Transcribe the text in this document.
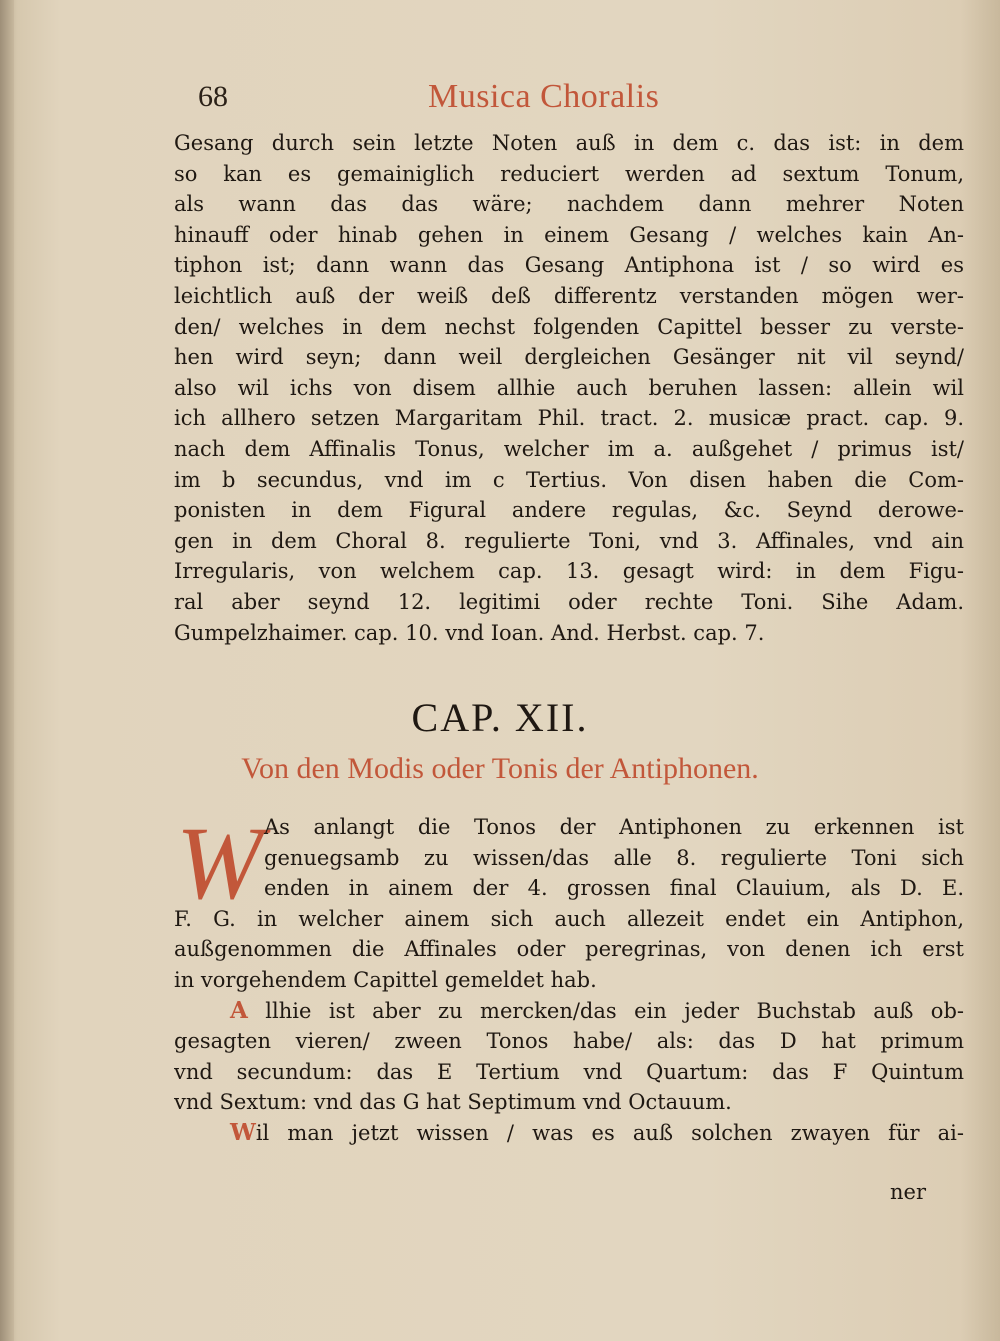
68	Musica Choralis
Gesang durch sein letzte Noten auß in dem c. das ist: in dem
so kan es gemainiglich reduciert werden ad sextum Tonum,
als wann das das wäre; nachdem dann mehrer Noten
hinauff oder hinab gehen in einem Gesang / welches kain An-
tiphon ist; dann wann das Gesang Antiphona ist / so wird es
leichtlich auß der weiß deß differentz verstanden mögen wer-
den/ welches in dem nechst folgenden Capittel besser zu verste-
hen wird seyn; dann weil dergleichen Gesänger nit vil seynd/
also wil ichs von disem allhie auch beruhen lassen: allein wil
ich allhero setzen Margaritam Phil. tract. 2. musicæ pract. cap. 9.
nach dem Affinalis Tonus, welcher im a. außgehet / primus ist/
im b secundus, vnd im c Tertius. Von disen haben die Com-
ponisten in dem Figural andere regulas, &c. Seynd derowe-
gen in dem Choral 8. regulierte Toni, vnd 3. Affinales, vnd ain
Irregularis, von welchem cap. 13. gesagt wird: in dem Figu-
ral aber seynd 12. legitimi oder rechte Toni. Sihe Adam.
Gumpelzhaimer. cap. 10. vnd Ioan. And. Herbst. cap. 7.
CAP. XII.
Von den Modis oder Tonis der Antiphonen.
W As anlangt die Tonos der Antiphonen zu erkennen ist
genuegsamb zu wissen/das alle 8. regulierte Toni sich
enden in ainem der 4. grossen final Clauium, als D. E.
F. G. in welcher ainem sich auch allezeit endet ein Antiphon,
außgenommen die Affinales oder peregrinas, von denen ich erst
in vorgehendem Capittel gemeldet hab.
A llhie ist aber zu mercken/das ein jeder Buchstab auß ob-
gesagten vieren/ zween Tonos habe/ als: das D hat primum
vnd secundum: das E Tertium vnd Quartum: das F Quintum
vnd Sextum: vnd das G hat Septimum vnd Octauum.
Wil man jetzt wissen / was es auß solchen zwayen für ai-
ner
